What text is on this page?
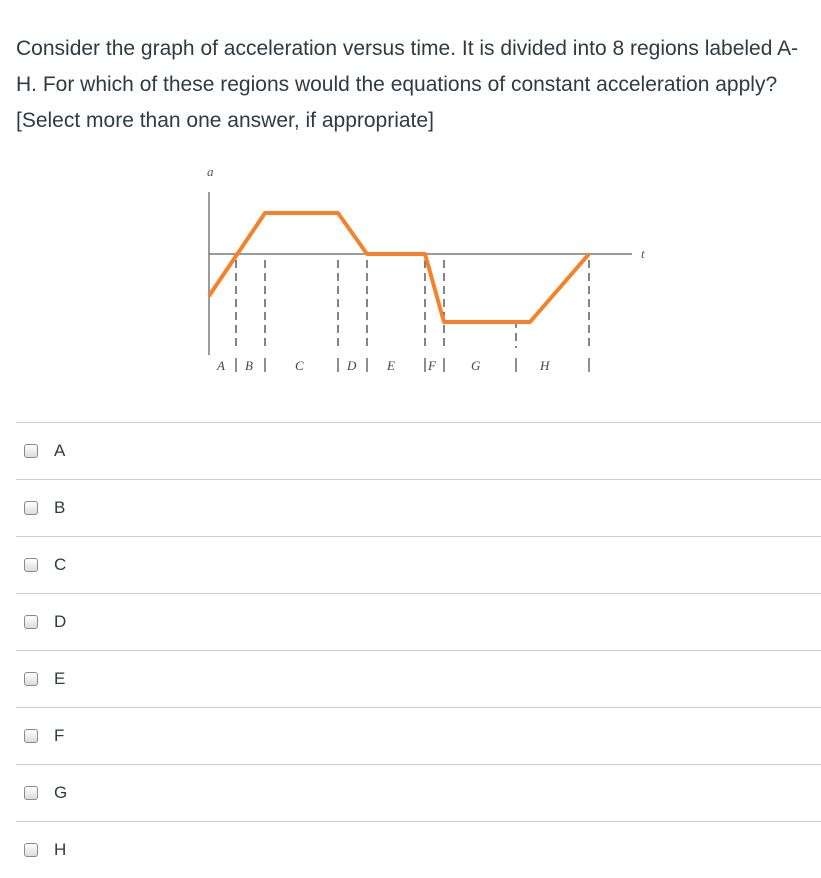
Consider the graph of acceleration versus time. It is divided into 8 regions labeled A-H. For which of these regions would the equations of constant acceleration apply? [Select more than one answer, if appropriate]

a
t
A B	C	D E	F	G	H
A
B
C
D
E
F
G
H
